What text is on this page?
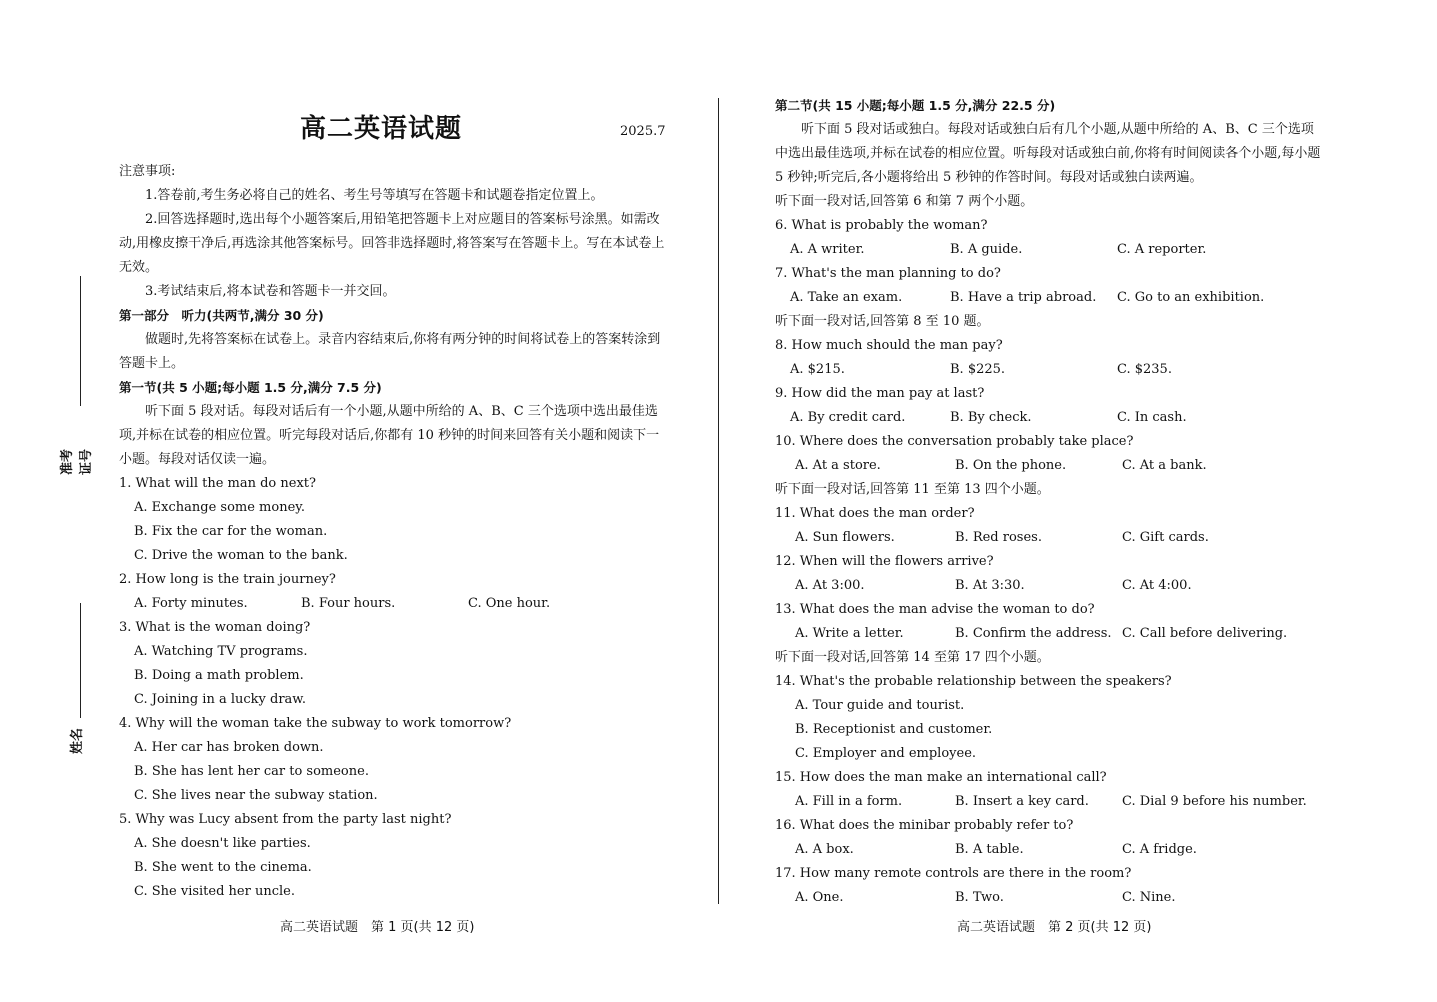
准考证号
姓名
高二英语试题	2025.7
注意事项:
1.答卷前,考生务必将自己的姓名、考生号等填写在答题卡和试题卷指定位置上。
2.回答选择题时,选出每个小题答案后,用铅笔把答题卡上对应题目的答案标号涂黑。如需改动,用橡皮擦干净后,再选涂其他答案标号。回答非选择题时,将答案写在答题卡上。写在本试卷上无效。
3.考试结束后,将本试卷和答题卡一并交回。
第一部分　听力(共两节,满分 30 分)
做题时,先将答案标在试卷上。录音内容结束后,你将有两分钟的时间将试卷上的答案转涂到答题卡上。
第一节(共 5 小题;每小题 1.5 分,满分 7.5 分)
听下面 5 段对话。每段对话后有一个小题,从题中所给的 A、B、C 三个选项中选出最佳选项,并标在试卷的相应位置。听完每段对话后,你都有 10 秒钟的时间来回答有关小题和阅读下一小题。每段对话仅读一遍。
1. What will the man do next?
A. Exchange some money.
B. Fix the car for the woman.
C. Drive the woman to the bank.
2. How long is the train journey?
A. Forty minutes.	B. Four hours.	C. One hour.
3. What is the woman doing?
A. Watching TV programs.
B. Doing a math problem.
C. Joining in a lucky draw.
4. Why will the woman take the subway to work tomorrow?
A. Her car has broken down.
B. She has lent her car to someone.
C. She lives near the subway station.
5. Why was Lucy absent from the party last night?
A. She doesn't like parties.
B. She went to the cinema.
C. She visited her uncle.
第二节(共 15 小题;每小题 1.5 分,满分 22.5 分)
听下面 5 段对话或独白。每段对话或独白后有几个小题,从题中所给的 A、B、C 三个选项中选出最佳选项,并标在试卷的相应位置。听每段对话或独白前,你将有时间阅读各个小题,每小题 5 秒钟;听完后,各小题将给出 5 秒钟的作答时间。每段对话或独白读两遍。
听下面一段对话,回答第 6 和第 7 两个小题。
6. What is probably the woman?
A. A writer.	B. A guide.	C. A reporter.
7. What's the man planning to do?
A. Take an exam.	B. Have a trip abroad.	C. Go to an exhibition.
听下面一段对话,回答第 8 至 10 题。
8. How much should the man pay?
A. $215.	B. $225.	C. $235.
9. How did the man pay at last?
A. By credit card.	B. By check.	C. In cash.
10. Where does the conversation probably take place?
A. At a store.	B. On the phone.	C. At a bank.
听下面一段对话,回答第 11 至第 13 四个小题。
11. What does the man order?
A. Sun flowers.	B. Red roses.	C. Gift cards.
12. When will the flowers arrive?
A. At 3:00.	B. At 3:30.	C. At 4:00.
13. What does the man advise the woman to do?
A. Write a letter.	B. Confirm the address. C. Call before delivering.
听下面一段对话,回答第 14 至第 17 四个小题。
14. What's the probable relationship between the speakers?
A. Tour guide and tourist.
B. Receptionist and customer.
C. Employer and employee.
15. How does the man make an international call?
A. Fill in a form.	B. Insert a key card.	C. Dial 9 before his number.
16. What does the minibar probably refer to?
A. A box.	B. A table.	C. A fridge.
17. How many remote controls are there in the room?
A. One.	B. Two.	C. Nine.
高二英语试题　第 1 页(共 12 页)	高二英语试题　第 2 页(共 12 页)
